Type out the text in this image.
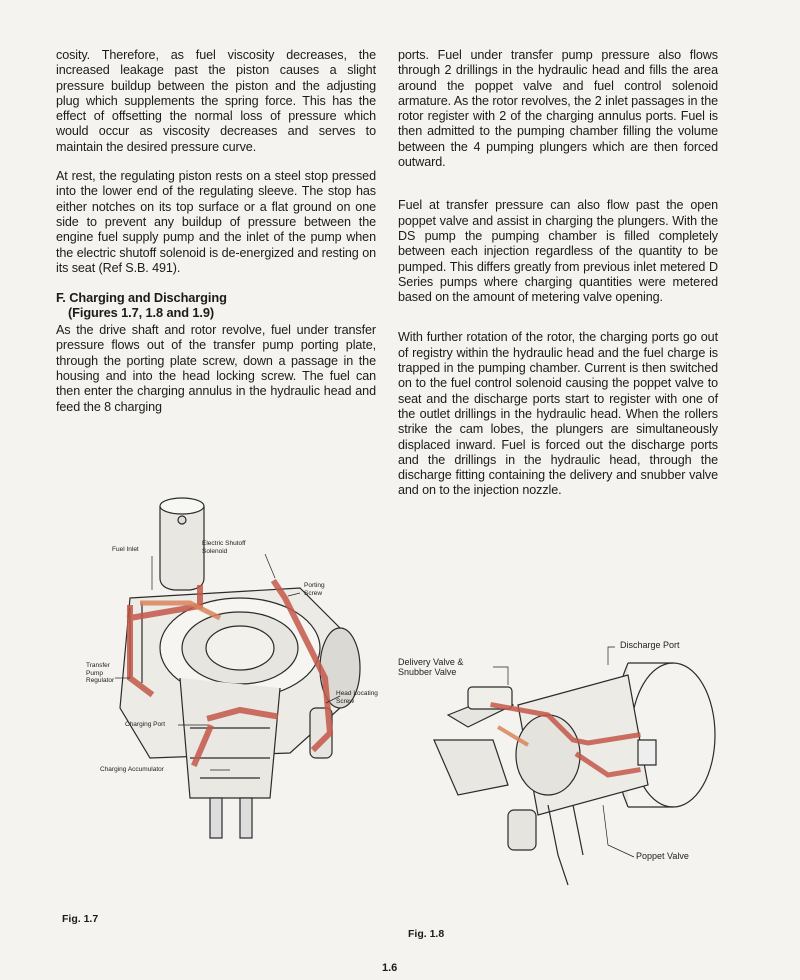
cosity. Therefore, as fuel viscosity decreases, the increased leakage past the piston causes a slight pressure buildup between the piston and the adjusting plug which supplements the spring force. This has the effect of offsetting the normal loss of pressure which would occur as viscosity decreases and serves to maintain the desired pressure curve.

At rest, the regulating piston rests on a steel stop pressed into the lower end of the regulating sleeve. The stop has either notches on its top surface or a flat ground on one side to prevent any buildup of pressure between the engine fuel supply pump and the inlet of the pump when the electric shutoff solenoid is de-energized and resting on its seat (Ref S.B. 491).

F. Charging and Discharging
(Figures 1.7, 1.8 and 1.9)

As the drive shaft and rotor revolve, fuel under transfer pressure flows out of the transfer pump porting plate, through the porting plate screw, down a passage in the housing and into the head locking screw. The fuel can then enter the charging annulus in the hydraulic head and feed the 8 charging

ports. Fuel under transfer pump pressure also flows through 2 drillings in the hydraulic head and fills the area around the poppet valve and fuel control solenoid armature. As the rotor revolves, the 2 inlet passages in the rotor register with 2 of the charging annulus ports. Fuel is then admitted to the pumping chamber filling the volume between the 4 pumping plungers which are then forced outward.

Fuel at transfer pressure can also flow past the open poppet valve and assist in charging the plungers. With the DS pump the pumping chamber is filled completely between each injection regardless of the quantity to be pumped. This differs greatly from previous inlet metered D Series pumps where charging quantities were metered based on the amount of metering valve opening.

With further rotation of the rotor, the charging ports go out of registry within the hydraulic head and the fuel charge is trapped in the pumping chamber. Current is then switched on to the fuel control solenoid causing the poppet valve to seat and the discharge ports start to register with one of the outlet drillings in the hydraulic head. When the rollers strike the cam lobes, the plungers are simultaneously displaced inward. Fuel is forced out the discharge ports and the drillings in the hydraulic head, through the discharge fitting containing the delivery and snubber valve and on to the injection nozzle.

Fuel Inlet
Electric Shutoff Solenoid
Porting Screw
Transfer Pump Regulator
Head Locating Screw
Charging Port
Charging Accumulator
Fig. 1.7
Discharge Port
Delivery Valve & Snubber Valve
Poppet Valve
Fig. 1.8
1.6
